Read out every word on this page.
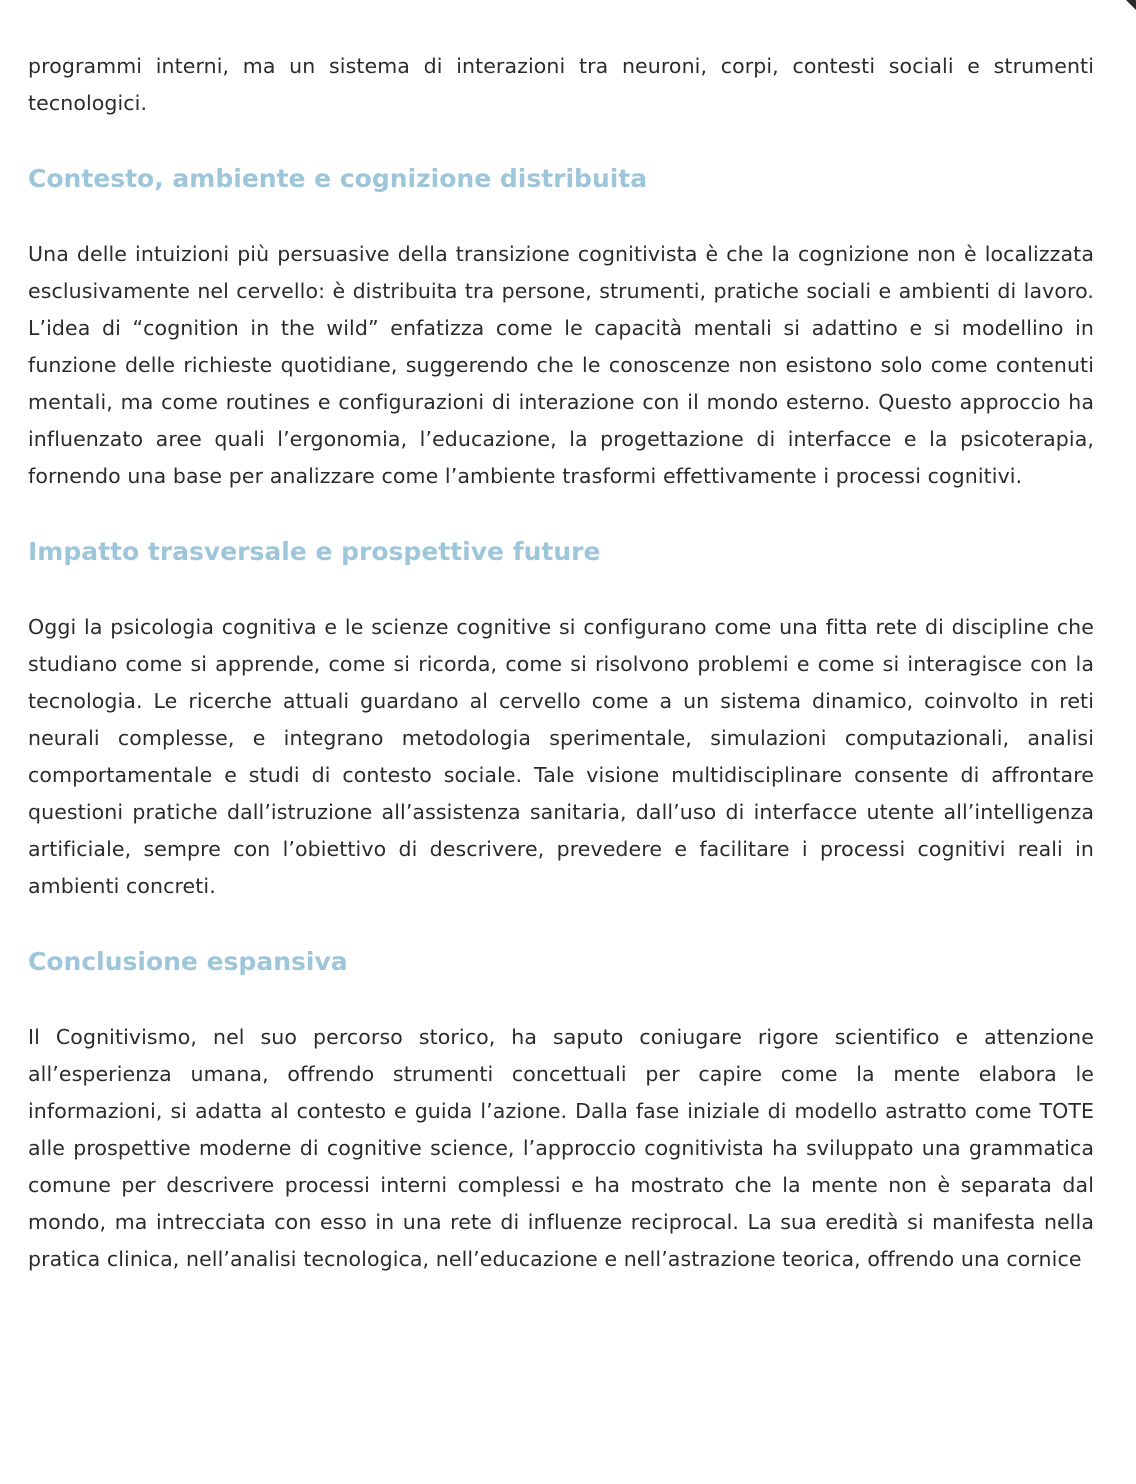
programmi interni, ma un sistema di interazioni tra neuroni, corpi, contesti sociali e strumenti tecnologici.

Contesto, ambiente e cognizione distribuita

Una delle intuizioni più persuasive della transizione cognitivista è che la cognizione non è localizzata esclusivamente nel cervello: è distribuita tra persone, strumenti, pratiche sociali e ambienti di lavoro. L’idea di “cognition in the wild” enfatizza come le capacità mentali si adattino e si modellino in funzione delle richieste quotidiane, suggerendo che le conoscenze non esistono solo come contenuti mentali, ma come routines e configurazioni di interazione con il mondo esterno. Questo approccio ha influenzato aree quali l’ergonomia, l’educazione, la progettazione di interfacce e la psicoterapia, fornendo una base per analizzare come l’ambiente trasformi effettivamente i processi cognitivi.

Impatto trasversale e prospettive future

Oggi la psicologia cognitiva e le scienze cognitive si configurano come una fitta rete di discipline che studiano come si apprende, come si ricorda, come si risolvono problemi e come si interagisce con la tecnologia. Le ricerche attuali guardano al cervello come a un sistema dinamico, coinvolto in reti neurali complesse, e integrano metodologia sperimentale, simulazioni computazionali, analisi comportamentale e studi di contesto sociale. Tale visione multidisciplinare consente di affrontare questioni pratiche dall’istruzione all’assistenza sanitaria, dall’uso di interfacce utente all’intelligenza artificiale, sempre con l’obiettivo di descrivere, prevedere e facilitare i processi cognitivi reali in ambienti concreti.

Conclusione espansiva

Il Cognitivismo, nel suo percorso storico, ha saputo coniugare rigore scientifico e attenzione all’esperienza umana, offrendo strumenti concettuali per capire come la mente elabora le informazioni, si adatta al contesto e guida l’azione. Dalla fase iniziale di modello astratto come TOTE alle prospettive moderne di cognitive science, l’approccio cognitivista ha sviluppato una grammatica comune per descrivere processi interni complessi e ha mostrato che la mente non è separata dal mondo, ma intrecciata con esso in una rete di influenze reciprocal. La sua eredità si manifesta nella pratica clinica, nell’analisi tecnologica, nell’educazione e nell’astrazione teorica, offrendo una cornice
